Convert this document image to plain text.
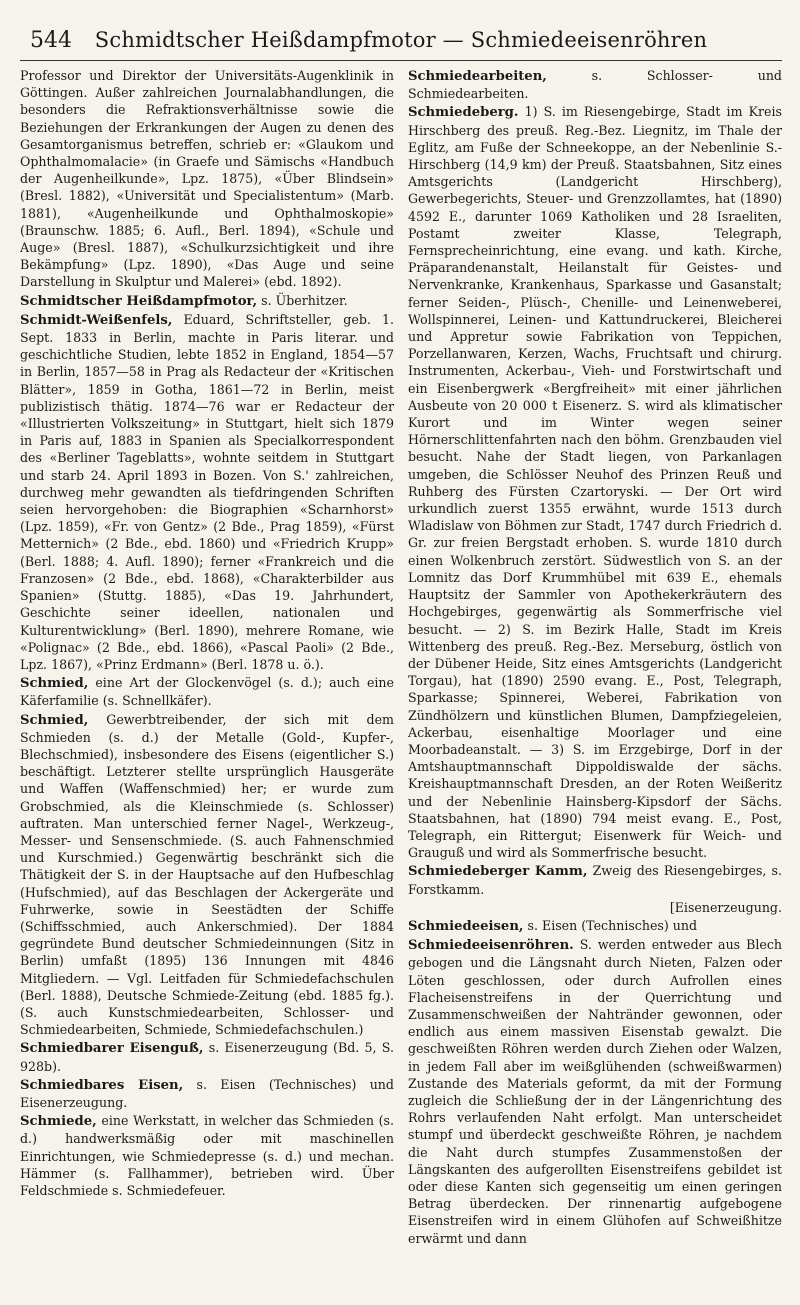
544	Schmidtscher Heißdampfmotor — Schmiedeeisenröhren

Professor und Direktor der Universitäts-Augenklinik in Göttingen. Außer zahlreichen Journalabhandlungen, die besonders die Refraktionsverhältnisse sowie die Beziehungen der Erkrankungen der Augen zu denen des Gesamtorganismus betreffen, schrieb er: «Glaukom und Ophthalmomalacie» (in Graefe und Sämischs «Handbuch der Augenheilkunde», Lpz. 1875), «Über Blindsein» (Bresl. 1882), «Universität und Specialistentum» (Marb. 1881), «Augenheilkunde und Ophthalmoskopie» (Braunschw. 1885; 6. Aufl., Berl. 1894), «Schule und Auge» (Bresl. 1887), «Schulkurzsichtigkeit und ihre Bekämpfung» (Lpz. 1890), «Das Auge und seine Darstellung in Skulptur und Malerei» (ebd. 1892).

Schmidtscher Heißdampfmotor, s. Überhitzer.

Schmidt-Weißenfels, Eduard, Schriftsteller, geb. 1. Sept. 1833 in Berlin, machte in Paris literar. und geschichtliche Studien, lebte 1852 in England, 1854—57 in Berlin, 1857—58 in Prag als Redacteur der «Kritischen Blätter», 1859 in Gotha, 1861—72 in Berlin, meist publizistisch thätig. 1874—76 war er Redacteur der «Illustrierten Volkszeitung» in Stuttgart, hielt sich 1879 in Paris auf, 1883 in Spanien als Specialkorrespondent des «Berliner Tageblatts», wohnte seitdem in Stuttgart und starb 24. April 1893 in Bozen. Von S.' zahlreichen, durchweg mehr gewandten als tiefdringenden Schriften seien hervorgehoben: die Biographien «Scharnhorst» (Lpz. 1859), «Fr. von Gentz» (2 Bde., Prag 1859), «Fürst Metternich» (2 Bde., ebd. 1860) und «Friedrich Krupp» (Berl. 1888; 4. Aufl. 1890); ferner «Frankreich und die Franzosen» (2 Bde., ebd. 1868), «Charakterbilder aus Spanien» (Stuttg. 1885), «Das 19. Jahrhundert, Geschichte seiner ideellen, nationalen und Kulturentwicklung» (Berl. 1890), mehrere Romane, wie «Polignac» (2 Bde., ebd. 1866), «Pascal Paoli» (2 Bde., Lpz. 1867), «Prinz Erdmann» (Berl. 1878 u. ö.).

Schmied, eine Art der Glockenvögel (s. d.); auch eine Käferfamilie (s. Schnellkäfer).

Schmied, Gewerbtreibender, der sich mit dem Schmieden (s. d.) der Metalle (Gold-, Kupfer-, Blechschmied), insbesondere des Eisens (eigentlicher S.) beschäftigt. Letzterer stellte ursprünglich Hausgeräte und Waffen (Waffenschmied) her; er wurde zum Grobschmied, als die Kleinschmiede (s. Schlosser) auftraten. Man unterschied ferner Nagel-, Werkzeug-, Messer- und Sensenschmiede. (S. auch Fahnenschmied und Kurschmied.) Gegenwärtig beschränkt sich die Thätigkeit der S. in der Hauptsache auf den Hufbeschlag (Hufschmied), auf das Beschlagen der Ackergeräte und Fuhrwerke, sowie in Seestädten der Schiffe (Schiffsschmied, auch Ankerschmied). Der 1884 gegründete Bund deutscher Schmiedeinnungen (Sitz in Berlin) umfaßt (1895) 136 Innungen mit 4846 Mitgliedern. — Vgl. Leitfaden für Schmiedefachschulen (Berl. 1888), Deutsche Schmiede-Zeitung (ebd. 1885 fg.). (S. auch Kunstschmiedearbeiten, Schlosser- und Schmiedearbeiten, Schmiede, Schmiedefachschulen.)

Schmiedbarer Eisenguß, s. Eisenerzeugung (Bd. 5, S. 928b).

Schmiedbares Eisen, s. Eisen (Technisches) und Eisenerzeugung.

Schmiede, eine Werkstatt, in welcher das Schmieden (s. d.) handwerksmäßig oder mit maschinellen Einrichtungen, wie Schmiedepresse (s. d.) und mechan. Hämmer (s. Fallhammer), betrieben wird. Über Feldschmiede s. Schmiedefeuer.

Schmiedearbeiten,	s. Schlosser- und Schmiedearbeiten.

Schmiedeberg. 1) S. im Riesengebirge, Stadt im Kreis Hirschberg des preuß. Reg.-Bez. Liegnitz, im Thale der Eglitz, am Fuße der Schneekoppe, an der Nebenlinie S.-Hirschberg (14,9 km) der Preuß. Staatsbahnen, Sitz eines Amtsgerichts (Landgericht Hirschberg), Gewerbegerichts, Steuer- und Grenzzollamtes, hat (1890) 4592 E., darunter 1069 Katholiken und 28 Israeliten, Postamt zweiter Klasse, Telegraph, Fernsprecheinrichtung, eine evang. und kath. Kirche, Präparandenanstalt, Heilanstalt für Geistes- und Nervenkranke, Krankenhaus, Sparkasse und Gasanstalt; ferner Seiden-, Plüsch-, Chenille- und Leinenweberei, Wollspinnerei, Leinen- und Kattundruckerei, Bleicherei und Appretur sowie Fabrikation von Teppichen, Porzellanwaren, Kerzen, Wachs, Fruchtsaft und chirurg. Instrumenten, Ackerbau-, Vieh- und Forstwirtschaft und ein Eisenbergwerk «Bergfreiheit» mit einer jährlichen Ausbeute von 20 000 t Eisenerz. S. wird als klimatischer Kurort und im Winter wegen seiner Hörnerschlittenfahrten nach den böhm. Grenzbauden viel besucht. Nahe der Stadt liegen, von Parkanlagen umgeben, die Schlösser Neuhof des Prinzen Reuß und Ruhberg des Fürsten Czartoryski. — Der Ort wird urkundlich zuerst 1355 erwähnt, wurde 1513 durch Wladislaw von Böhmen zur Stadt, 1747 durch Friedrich d. Gr. zur freien Bergstadt erhoben. S. wurde 1810 durch einen Wolkenbruch zerstört. Südwestlich von S. an der Lomnitz das Dorf Krummhübel mit 639 E., ehemals Hauptsitz der Sammler von Apothekerkräutern des Hochgebirges, gegenwärtig als Sommerfrische viel besucht. — 2) S. im Bezirk Halle, Stadt im Kreis Wittenberg des preuß. Reg.-Bez. Merseburg, östlich von der Dübener Heide, Sitz eines Amtsgerichts (Landgericht Torgau), hat (1890) 2590 evang. E., Post, Telegraph, Sparkasse; Spinnerei, Weberei, Fabrikation von Zündhölzern und künstlichen Blumen, Dampfziegeleien, Ackerbau, eisenhaltige Moorlager und eine Moorbadeanstalt. — 3) S. im Erzgebirge, Dorf in der Amtshauptmannschaft Dippoldiswalde der sächs. Kreishauptmannschaft Dresden, an der Roten Weißeritz und der Nebenlinie Hainsberg-Kipsdorf der Sächs. Staatsbahnen, hat (1890) 794 meist evang. E., Post, Telegraph, ein Rittergut; Eisenwerk für Weich- und Grauguß und wird als Sommerfrische besucht.

Schmiedeberger Kamm, Zweig des Riesengebirges, s. Forstkamm.

[Eisenerzeugung.

Schmiedeeisen, s. Eisen (Technisches) und

Schmiedeeisenröhren. S. werden entweder aus Blech gebogen und die Längsnaht durch Nieten, Falzen oder Löten geschlossen, oder durch Aufrollen eines Flacheisenstreifens in der Querrichtung und Zusammenschweißen der Nahtränder gewonnen, oder endlich aus einem massiven Eisenstab gewalzt. Die geschweißten Röhren werden durch Ziehen oder Walzen, in jedem Fall aber im weißglühenden (schweißwarmen) Zustande des Materials geformt, da mit der Formung zugleich die Schließung der in der Längenrichtung des Rohrs verlaufenden Naht erfolgt. Man unterscheidet stumpf und überdeckt geschweißte Röhren, je nachdem die Naht durch stumpfes Zusammenstoßen der Längskanten des aufgerollten Eisenstreifens gebildet ist oder diese Kanten sich gegenseitig um einen geringen Betrag überdecken. Der rinnenartig aufgebogene Eisenstreifen wird in einem Glühofen auf Schweißhitze erwärmt und dann
